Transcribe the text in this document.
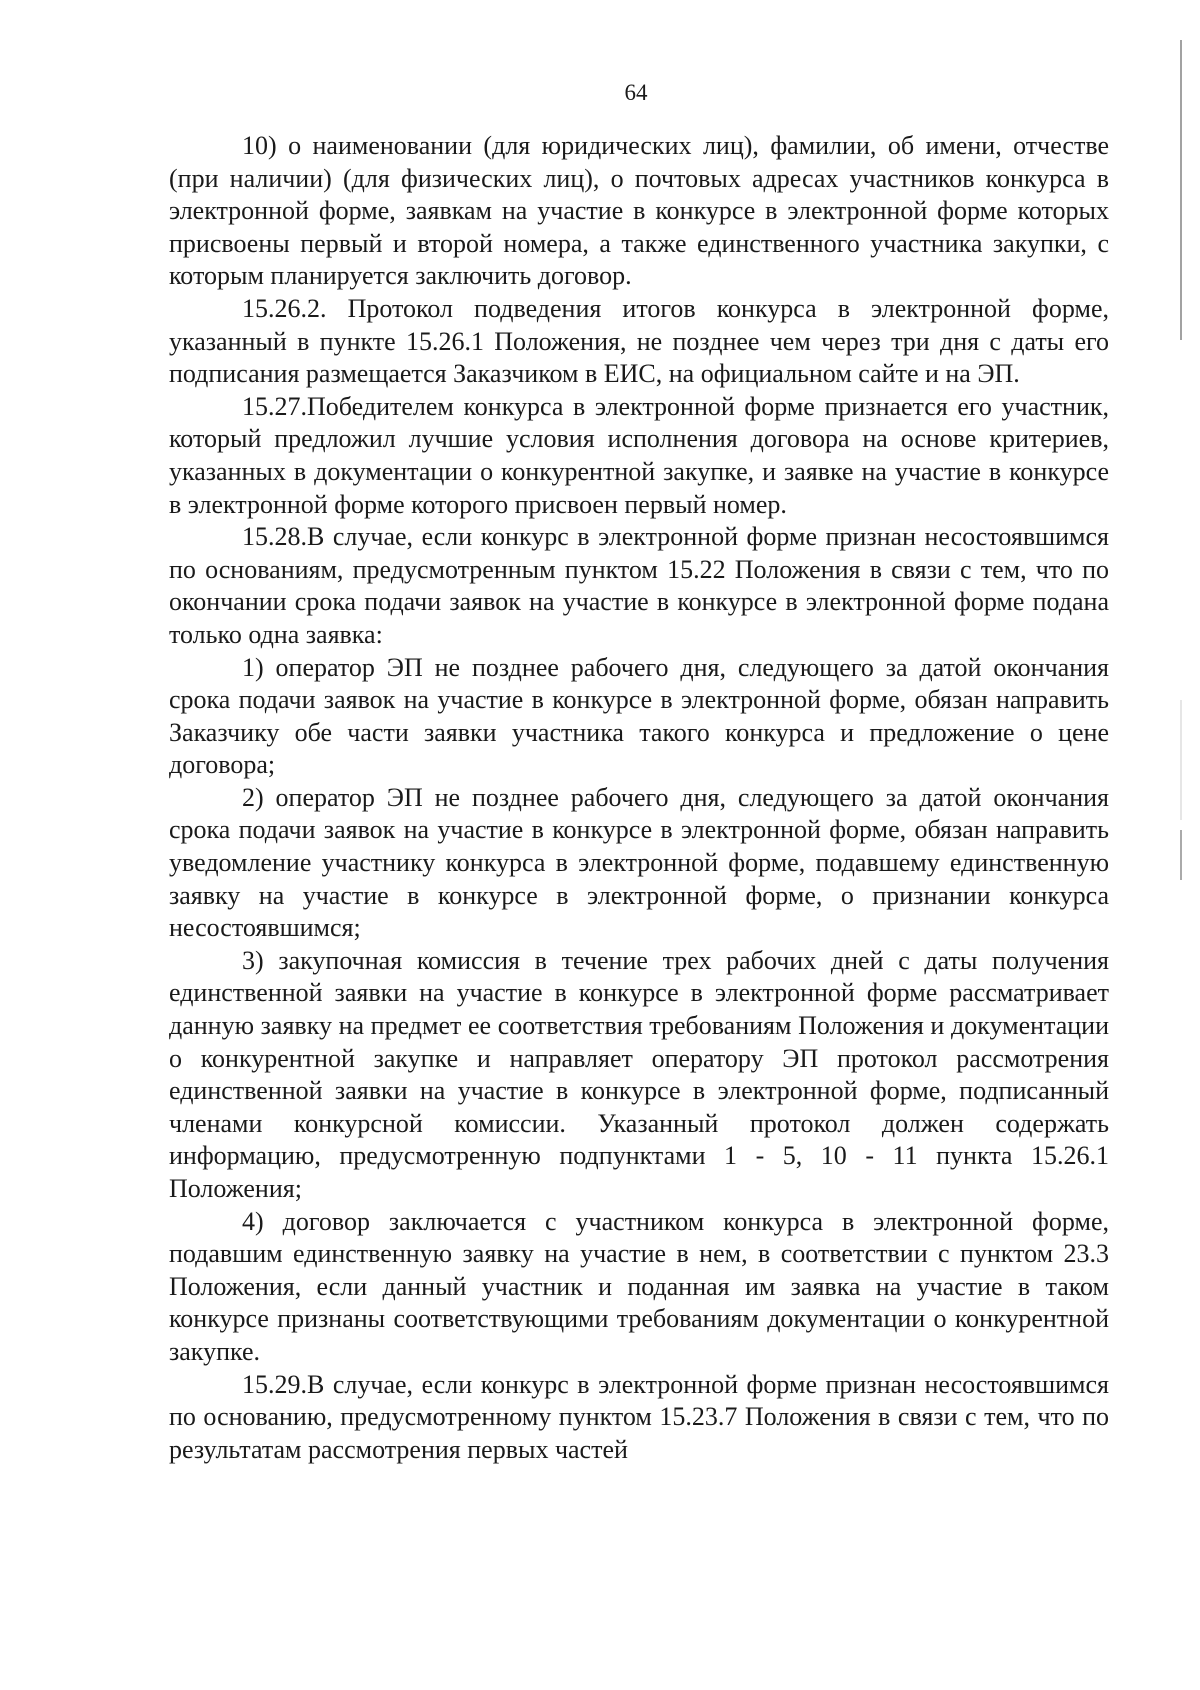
64

10) о наименовании (для юридических лиц), фамилии, об имени, отчестве (при наличии) (для физических лиц), о почтовых адресах участников конкурса в электронной форме, заявкам на участие в конкурсе в электронной форме которых присвоены первый и второй номера, а также единственного участника закупки, с которым планируется заключить договор.

15.26.2. Протокол подведения итогов конкурса в электронной форме, указанный в пункте 15.26.1 Положения, не позднее чем через три дня с даты его подписания размещается Заказчиком в ЕИС, на официальном сайте и на ЭП.

15.27.Победителем конкурса в электронной форме признается его участник, который предложил лучшие условия исполнения договора на основе критериев, указанных в документации о конкурентной закупке, и заявке на участие в конкурсе в электронной форме которого присвоен первый номер.

15.28.В случае, если конкурс в электронной форме признан несостоявшимся по основаниям, предусмотренным пунктом 15.22 Положения в связи с тем, что по окончании срока подачи заявок на участие в конкурсе в электронной форме подана только одна заявка:

1) оператор ЭП не позднее рабочего дня, следующего за датой окончания срока подачи заявок на участие в конкурсе в электронной форме, обязан направить Заказчику обе части заявки участника такого конкурса и предложение о цене договора;

2) оператор ЭП не позднее рабочего дня, следующего за датой окончания срока подачи заявок на участие в конкурсе в электронной форме, обязан направить уведомление участнику конкурса в электронной форме, подавшему единственную заявку на участие в конкурсе в электронной форме, о признании конкурса несостоявшимся;

3) закупочная комиссия в течение трех рабочих дней с даты получения единственной заявки на участие в конкурсе в электронной форме рассматривает данную заявку на предмет ее соответствия требованиям Положения и документации о конкурентной закупке и направляет оператору ЭП протокол рассмотрения единственной заявки на участие в конкурсе в электронной форме, подписанный членами конкурсной комиссии. Указанный протокол должен содержать информацию, предусмотренную подпунктами 1 - 5, 10 - 11 пункта 15.26.1 Положения;

4) договор заключается с участником конкурса в электронной форме, подавшим единственную заявку на участие в нем, в соответствии с пунктом 23.3 Положения, если данный участник и поданная им заявка на участие в таком конкурсе признаны соответствующими требованиям документации о конкурентной закупке.

15.29.В случае, если конкурс в электронной форме признан несостоявшимся по основанию, предусмотренному пунктом 15.23.7 Положения в связи с тем, что по результатам рассмотрения первых частей
